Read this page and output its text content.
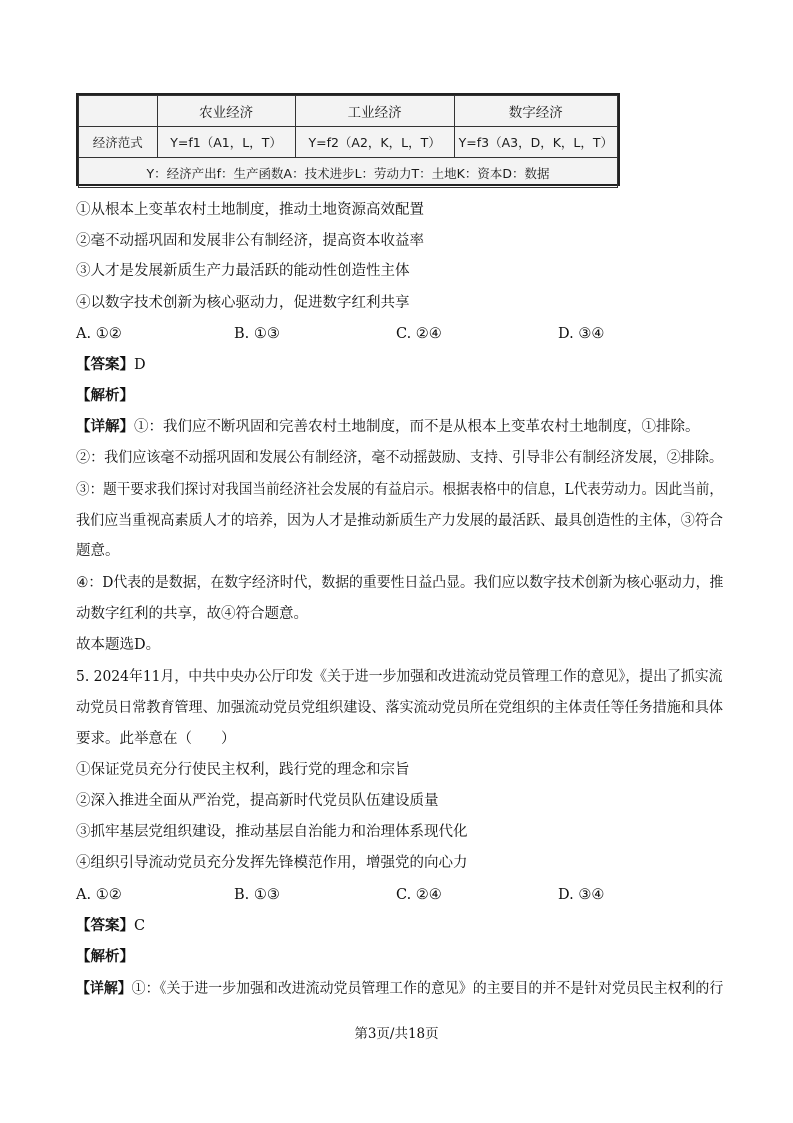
	农业经济	工业经济	数字经济
经济范式	Y=f1（A1，L，T）	Y=f2（A2，K，L，T）	Y=f3（A3，D，K，L，T）
Y：经济产出f：生产函数A：技术进步L：劳动力T：土地K：资本D：数据			
①从根本上变革农村土地制度，推动土地资源高效配置
②毫不动摇巩固和发展非公有制经济，提高资本收益率
③人才是发展新质生产力最活跃的能动性创造性主体
④以数字技术创新为核心驱动力，促进数字红利共享
A. ①②	B. ①③	C. ②④	D. ③④
【答案】D
【解析】
【详解】①：我们应不断巩固和完善农村土地制度，而不是从根本上变革农村土地制度，①排除。
②：我们应该毫不动摇巩固和发展公有制经济，毫不动摇鼓励、支持、引导非公有制经济发展，②排除。
③：题干要求我们探讨对我国当前经济社会发展的有益启示。根据表格中的信息，L代表劳动力。因此当前，
我们应当重视高素质人才的培养，因为人才是推动新质生产力发展的最活跃、最具创造性的主体，③符合
题意。
④：D代表的是数据，在数字经济时代，数据的重要性日益凸显。我们应以数字技术创新为核心驱动力，推
动数字红利的共享，故④符合题意。
故本题选D。
5. 2024年11月，中共中央办公厅印发《关于进一步加强和改进流动党员管理工作的意见》，提出了抓实流
动党员日常教育管理、加强流动党员党组织建设、落实流动党员所在党组织的主体责任等任务措施和具体
要求。此举意在（　　）
①保证党员充分行使民主权利，践行党的理念和宗旨
②深入推进全面从严治党，提高新时代党员队伍建设质量
③抓牢基层党组织建设，推动基层自治能力和治理体系现代化
④组织引导流动党员充分发挥先锋模范作用，增强党的向心力
A. ①②	B. ①③	C. ②④	D. ③④
【答案】C
【解析】
【详解】①：《关于进一步加强和改进流动党员管理工作的意见》的主要目的并不是针对党员民主权利的行
第3页/共18页
